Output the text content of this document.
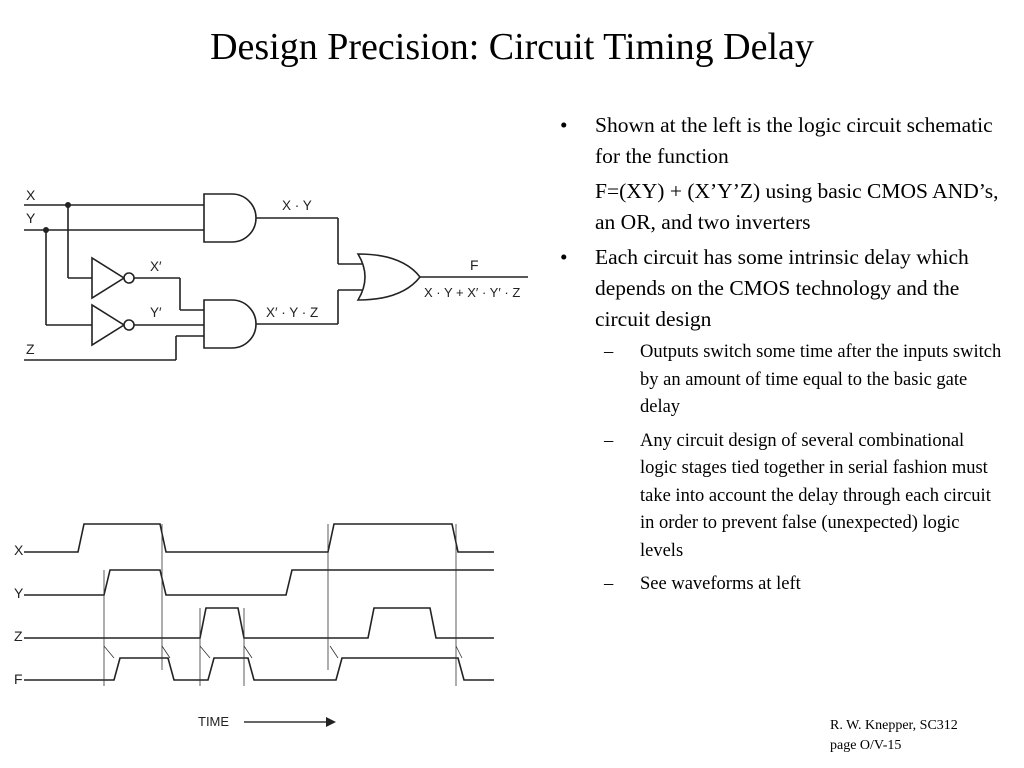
Design Precision: Circuit Timing Delay
X
Y
Z
X · Y
X′
Y′	X′ · Y · Z
F
X · Y + X′ · Y′ · Z
X
Y
Z
F
TIME
• Shown at the left is the logic circuit schematic for the function
F=(XY) + (X’Y’Z) using basic CMOS AND’s, an OR, and two inverters
• Each circuit has some intrinsic delay which depends on the CMOS technology and the circuit design
– Outputs switch some time after the inputs switch by an amount of time equal to the basic gate delay
– Any circuit design of several combinational logic stages tied together in serial fashion must take into account the delay through each circuit in order to prevent false (unexpected) logic levels
– See waveforms at left
R. W. Knepper, SC312
page O/V-15
